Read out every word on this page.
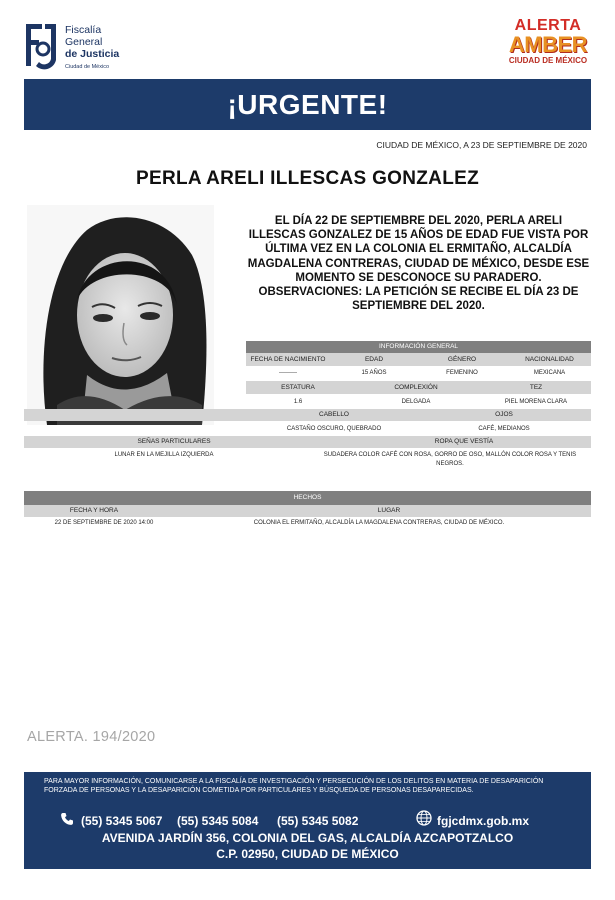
Fiscalía
General
de Justicia
Ciudad de México
ALERTA
AMBER
CIUDAD DE MÉXICO
¡URGENTE!
CIUDAD DE MÉXICO, A 23 DE SEPTIEMBRE DE 2020
PERLA ARELI ILLESCAS GONZALEZ
EL DÍA 22 DE SEPTIEMBRE DEL 2020, PERLA ARELI ILLESCAS GONZALEZ DE 15 AÑOS DE EDAD FUE VISTA POR ÚLTIMA VEZ EN LA COLONIA EL ERMITAÑO, ALCALDÍA MAGDALENA CONTRERAS, CIUDAD DE MÉXICO, DESDE ESE MOMENTO SE DESCONOCE SU PARADERO.
OBSERVACIONES: LA PETICIÓN SE RECIBE EL DÍA 23 DE SEPTIEMBRE DEL 2020.
INFORMACIÓN GENERAL
FECHA DE NACIMIENTO	EDAD	GÉNERO	NACIONALIDAD
---------	15 AÑOS	FEMENINO	MEXICANA
ESTATURA	COMPLEXIÓN	TEZ
1.6	DELGADA	PIEL MORENA CLARA
CABELLO	OJOS
CASTAÑO OSCURO, QUEBRADO	CAFÉ, MEDIANOS
SEÑAS PARTICULARES	ROPA QUE VESTÍA
LUNAR EN LA MEJILLA IZQUIERDA	SUDADERA COLOR CAFÉ CON ROSA, GORRO DE OSO, MALLÓN COLOR ROSA Y TENIS NEGROS.
HECHOS
FECHA Y HORA	LUGAR
22 DE SEPTIEMBRE DE 2020 14:00	COLONIA EL ERMITAÑO, ALCALDÍA LA MAGDALENA CONTRERAS, CIUDAD DE MÉXICO.
ALERTA. 194/2020
PARA MAYOR INFORMACIÓN, COMUNICARSE A LA FISCALÍA DE INVESTIGACIÓN Y PERSECUCIÓN DE LOS DELITOS EN MATERIA DE DESAPARICIÓN FORZADA DE PERSONAS Y LA DESAPARICIÓN COMETIDA POR PARTICULARES Y BÚSQUEDA DE PERSONAS DESAPARECIDAS.
(55) 5345 5067 (55) 5345 5084 (55) 5345 5082	fgjcdmx.gob.mx
AVENIDA JARDÍN 356, COLONIA DEL GAS, ALCALDÍA AZCAPOTZALCO
C.P. 02950, CIUDAD DE MÉXICO
